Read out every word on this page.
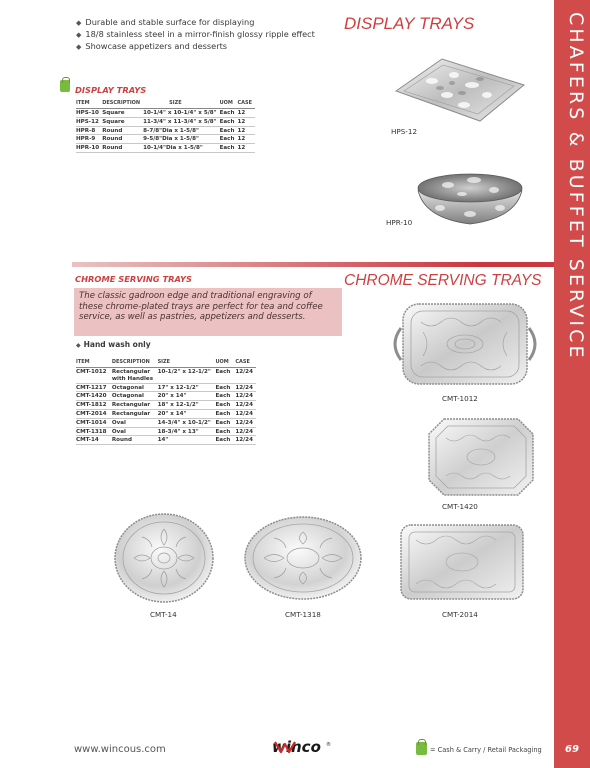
CHAFERS & BUFFET SERVICE
69
◆ Durable and stable surface for displaying
◆ 18/8 stainless steel in a mirror-finish glossy ripple effect
◆ Showcase appetizers and desserts
DISPLAY TRAYS
DISPLAY TRAYS
ITEM	DESCRIPTION	SIZE	UOM	CASE
HPS-10	Square	10-1/4" x 10-1/4" x 5/8"	Each	12
HPS-12	Square	11-3/4" x 11-3/4" x 5/8"	Each	12
HPR-8	Round	8-7/8"Dia x 1-5/8"	Each	12
HPR-9	Round	9-5/8"Dia x 1-5/8"	Each	12
HPR-10	Round	10-1/4"Dia x 1-5/8"	Each	12
HPS-12
HPR-10
CHROME SERVING TRAYS	CHROME SERVING TRAYS

The classic gadroon edge and traditional engraving of these chrome-plated trays are perfect for tea and coffee service, as well as pastries, appetizers and desserts.

◆ Hand wash only
ITEM	DESCRIPTION	SIZE	UOM	CASE
CMT-1012	Rectangular with Handles	10-1/2" x 12-1/2"	Each	12/24
CMT-1217	Octagonal	17" x 12-1/2"	Each	12/24
CMT-1420	Octagonal	20" x 14"	Each	12/24
CMT-1812	Rectangular	18" x 12-1/2"	Each	12/24
CMT-2014	Rectangular	20" x 14"	Each	12/24
CMT-1014	Oval	14-3/4" x 10-1/2"	Each	12/24
CMT-1318	Oval	18-3/4" x 13"	Each	12/24
CMT-14	Round	14"	Each	12/24
CMT-1012
CMT-1420
CMT-14	CMT-1318	CMT-2014
www.wincous.com	winco ®
= Cash & Carry / Retail Packaging
